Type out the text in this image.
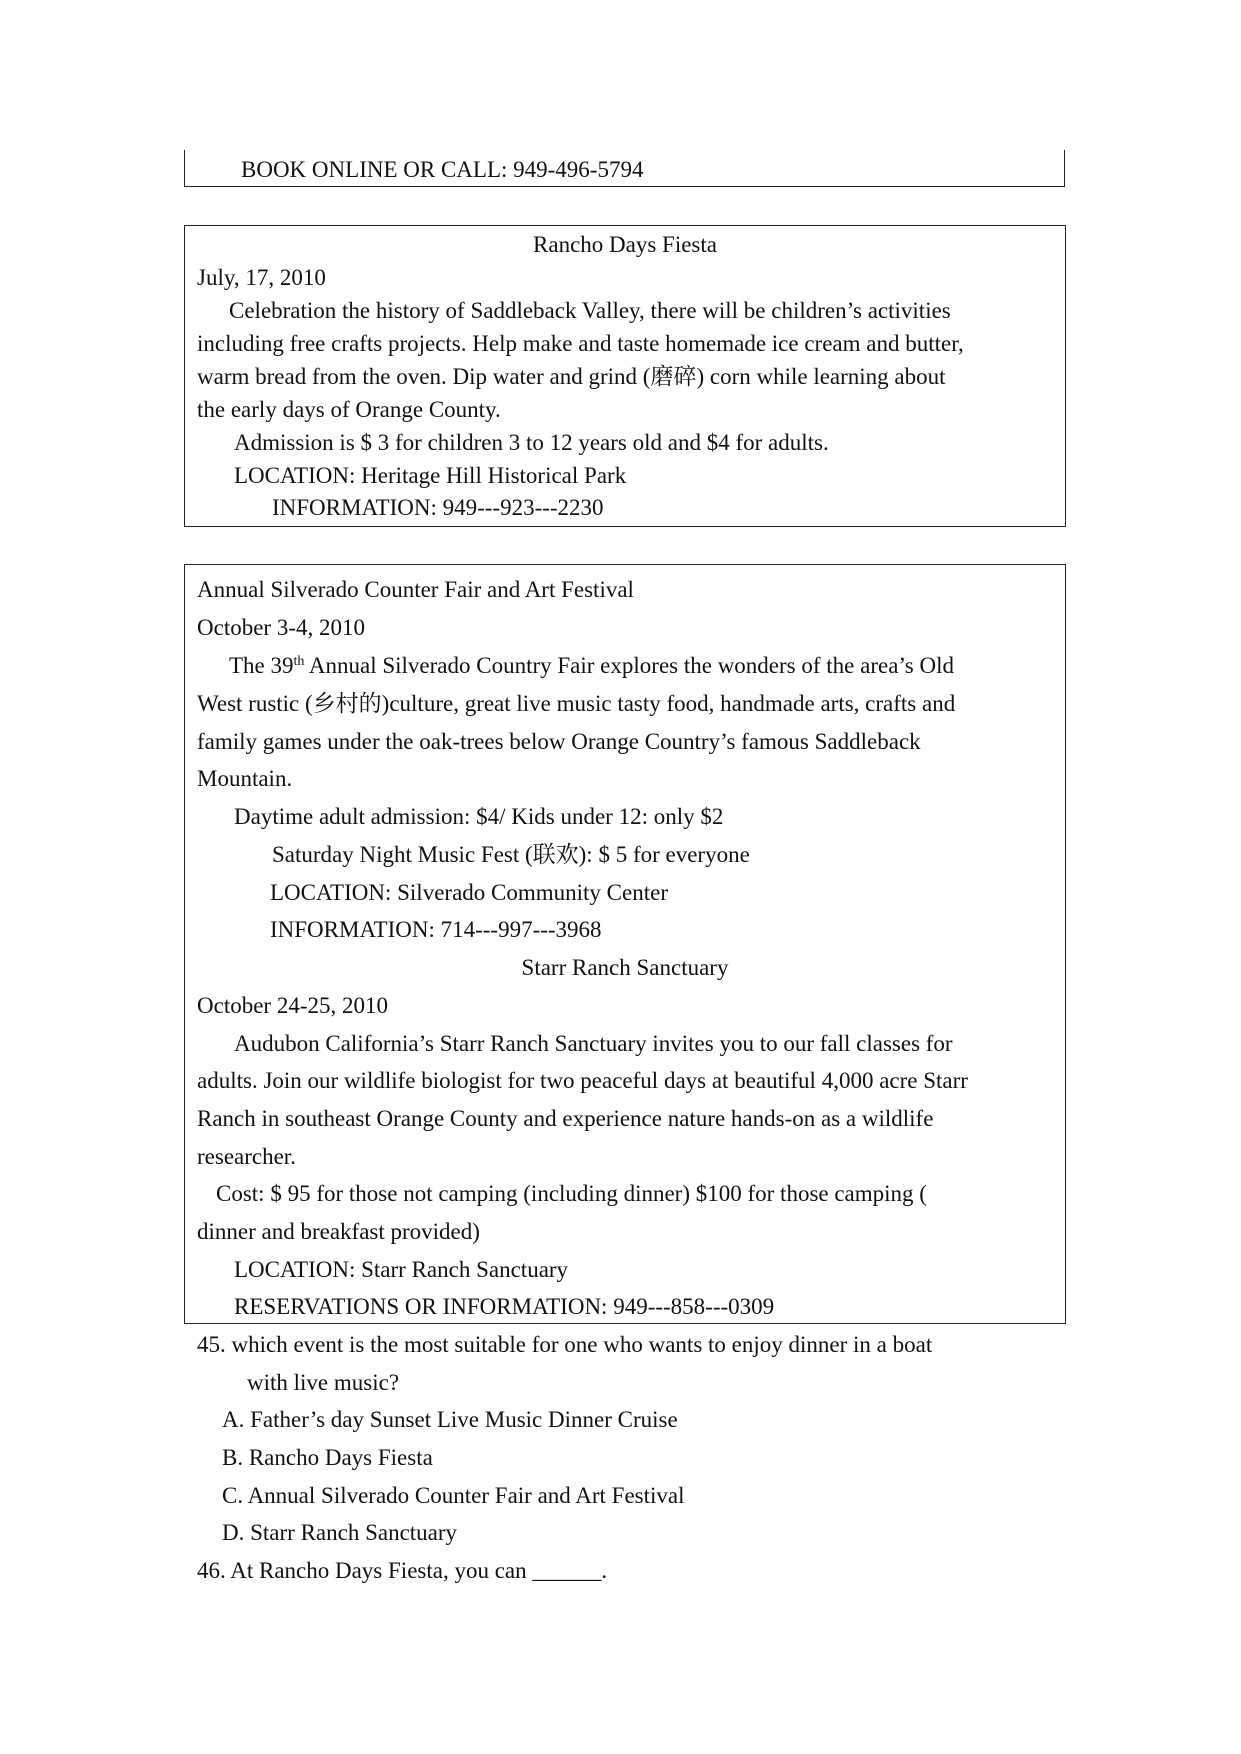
BOOK ONLINE OR CALL: 949-496-5794
Rancho Days Fiesta
July, 17, 2010
Celebration the history of Saddleback Valley, there will be children’s activities
including free crafts projects. Help make and taste homemade ice cream and butter,
warm bread from the oven. Dip water and grind (磨碎) corn while learning about
the early days of Orange County.
Admission is $ 3 for children 3 to 12 years old and $4 for adults.
LOCATION: Heritage Hill Historical Park
INFORMATION: 949---923---2230
Annual Silverado Counter Fair and Art Festival
October 3-4, 2010
The 39th Annual Silverado Country Fair explores the wonders of the area’s Old
West rustic (乡村的)culture, great live music tasty food, handmade arts, crafts and
family games under the oak-trees below Orange Country’s famous Saddleback
Mountain.
Daytime adult admission: $4/ Kids under 12: only $2
Saturday Night Music Fest (联欢): $ 5 for everyone
LOCATION: Silverado Community Center
INFORMATION: 714---997---3968
Starr Ranch Sanctuary
October 24-25, 2010
Audubon California’s Starr Ranch Sanctuary invites you to our fall classes for
adults. Join our wildlife biologist for two peaceful days at beautiful 4,000 acre Starr
Ranch in southeast Orange County and experience nature hands-on as a wildlife
researcher.
Cost: $ 95 for those not camping (including dinner) $100 for those camping (
dinner and breakfast provided)
LOCATION: Starr Ranch Sanctuary
RESERVATIONS OR INFORMATION: 949---858---0309
45. which event is the most suitable for one who wants to enjoy dinner in a boat
with live music?
A. Father’s day Sunset Live Music Dinner Cruise
B. Rancho Days Fiesta
C. Annual Silverado Counter Fair and Art Festival
D. Starr Ranch Sanctuary
46. At Rancho Days Fiesta, you can ______.
